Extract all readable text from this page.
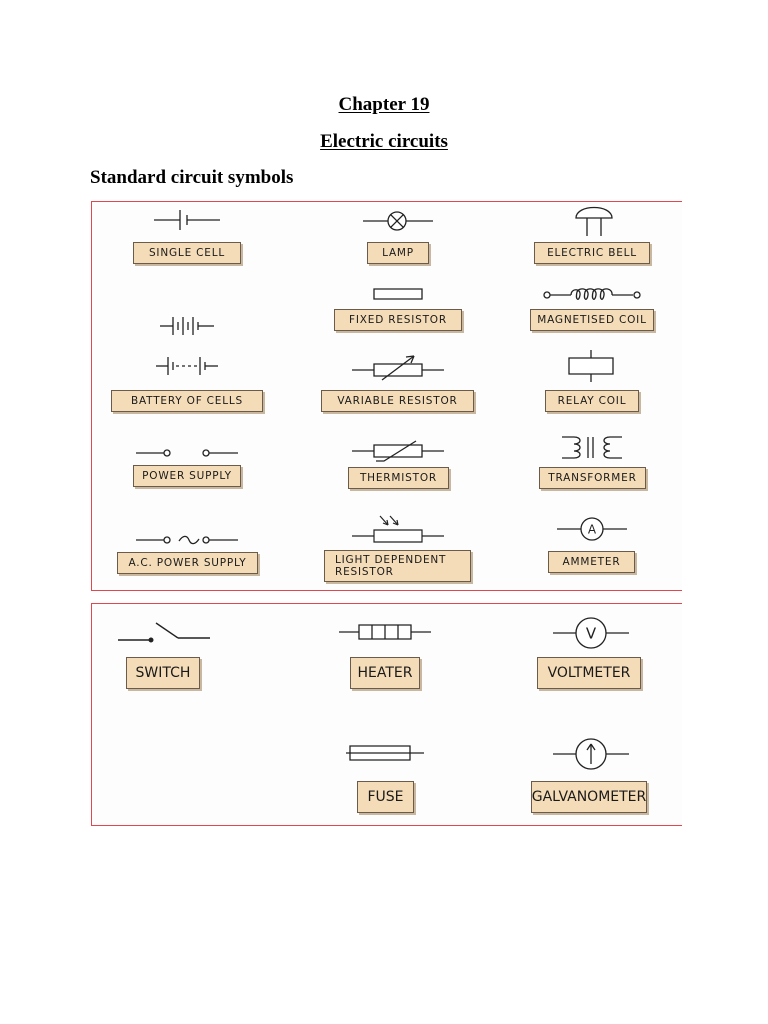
Chapter 19
Electric circuits
Standard circuit symbols
SINGLE CELL
BATTERY OF CELLS
POWER SUPPLY
A.C. POWER SUPPLY
LAMP
FIXED RESISTOR
VARIABLE RESISTOR
THERMISTOR
LIGHT DEPENDENT
RESISTOR
ELECTRIC BELL
MAGNETISED COIL
RELAY COIL
TRANSFORMER
A
AMMETER
SWITCH	HEATER
V
VOLTMETER
FUSE	GALVANOMETER
